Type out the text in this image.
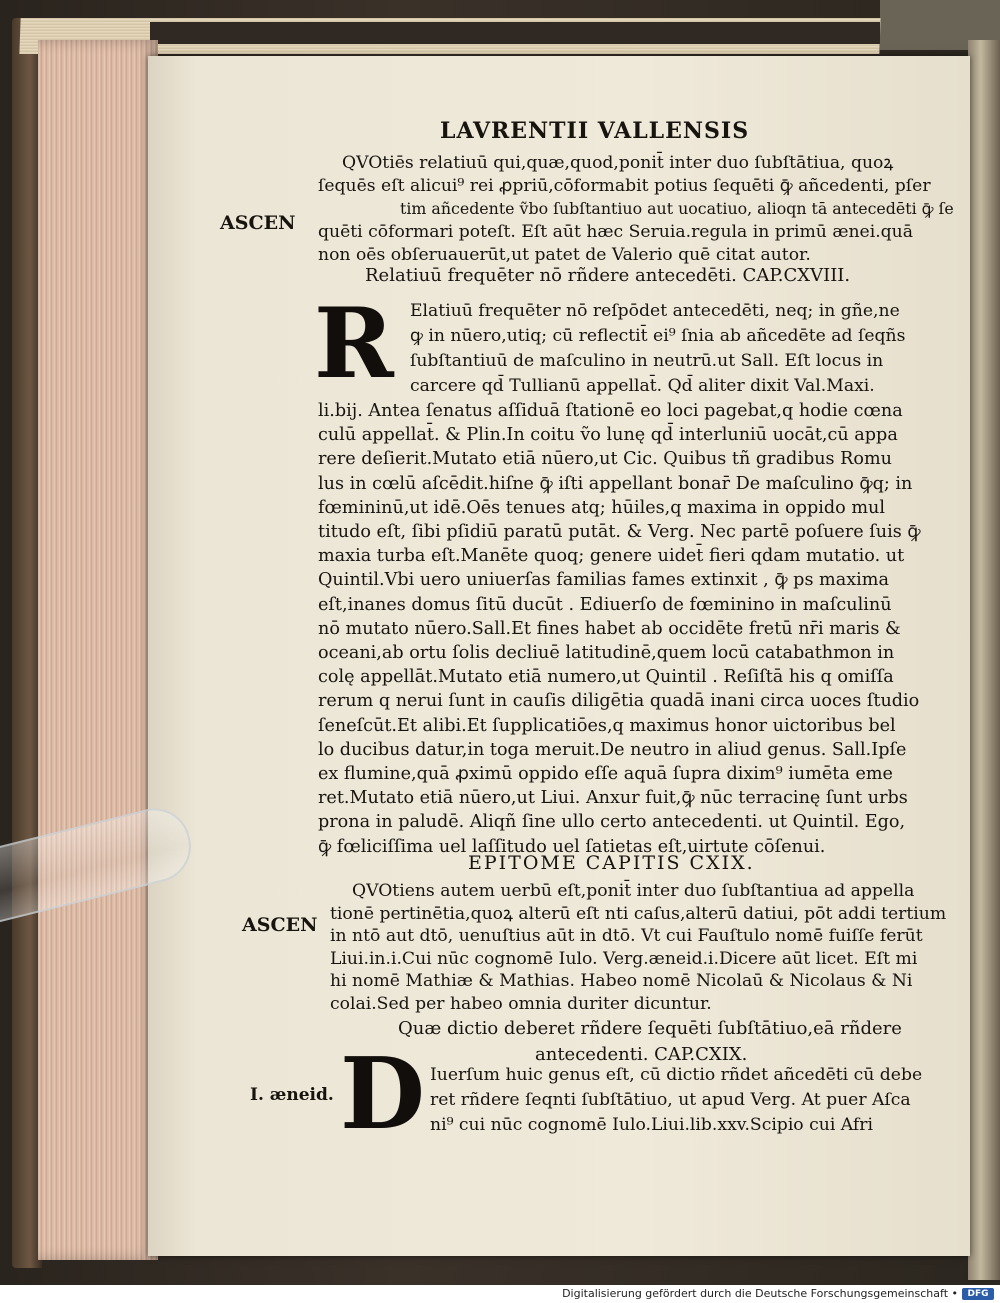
LAVRENTII VALLENSIS
ASCEN
ASCEN
I. æneid.
QVOtiēs relatiuū qui,quæ,quod,ponit̄ inter duo ſubſtātiua, quoꝝ
ſequēs eſt alicui⁹ rei ꝓpriū,cōformabit potius ſequēti ꝙ̄ añcedenti, pſer
tim añcedente ṽbo ſubſtantiuo aut uocatiuo, alioqn tā antecedēti ꝙ̄ ſe
quēti cōformari poteſt. Eſt aūt hæc Seruia.regula in primū ænei.quā
non oēs obſeruauerūt,ut patet de Valerio quē citat autor.
Relatiuū frequēter nō rñdere antecedēti. CAP.CXVIII.
R Elatiuū frequēter nō reſpōdet antecedēti, neq; in gñe,ne
ꝙ in nūero,utiq; cū reflectit̄ ei⁹ ſnia ab añcedēte ad ſeqñs
ſubſtantiuū de maſculino in neutrū.ut Sall. Eſt locus in
carcere qd̄ Tullianū appellat̄. Qd̄ aliter dixit Val.Maxi.
li.bij. Antea ſenatus aſſiduā ſtationē eo loci pagebat,q hodie cœna
culū appellat̄. & Plin.In coitu ṽo lunę qd̄ interluniū uocāt,cū appa
rere deſierit.Mutato etiā nūero,ut Cic. Quibus tñ gradibus Romu
lus in cœlū aſcēdit.hiſne ꝙ̄ iſti appellant bonar̄ De maſculino ꝙ̄q; in
fœmininū,ut idē.Oēs tenues atq; hūiles,q maxima in oppido mul
titudo eſt, ſibi pſidiū paratū putāt. & Verg. Nec partē poſuere ſuis ꝙ̄
maxia turba eſt.Manēte quoq; genere uidet̄ fieri qdam mutatio. ut
Quintil.Vbi uero uniuerſas familias fames extinxit , ꝙ̄ ps maxima
eſt,inanes domus ſitū ducūt . Ediuerſo de fœminino in maſculinū
nō mutato nūero.Sall.Et fines habet ab occidēte fretū nr̄i maris &
oceani,ab ortu ſolis decliuē latitudinē,quem locū catabathmon in
colę appellāt.Mutato etiā numero,ut Quintil . Reſiſtā his q omiſſa
rerum q nerui ſunt in cauſis diligētia quadā inani circa uoces ſtudio
ſeneſcūt.Et alibi.Et ſupplicatiōes,q maximus honor uictoribus bel
lo ducibus datur,in toga meruit.De neutro in aliud genus. Sall.Ipſe
ex flumine,quā ꝓximū oppido eſſe aquā ſupra dixim⁹ iumēta eme
ret.Mutato etiā nūero,ut Liui. Anxur fuit,ꝙ̄ nūc terracinę ſunt urbs
prona in paludē. Aliqñ ſine ullo certo antecedenti. ut Quintil. Ego,
ꝙ̄ fœliciſſima uel laſſitudo uel ſatietas eſt,uirtute cōſenui.
EPITOME CAPITIS CXIX.
QVOtiens autem uerbū eſt,ponit̄ inter duo ſubſtantiua ad appella
tionē pertinētia,quoꝝ alterū eſt nti caſus,alterū datiui, pōt addi tertium
in ntō aut dtō, uenuſtius aūt in dtō. Vt cui Fauſtulo nomē fuiſſe ferūt
Liui.in.i.Cui nūc cognomē Iulo. Verg.æneid.i.Dicere aūt licet. Eſt mi
hi nomē Mathiæ & Mathias. Habeo nomē Nicolaū & Nicolaus & Ni
colai.Sed per habeo omnia duriter dicuntur.
Quæ dictio deberet rñdere ſequēti ſubſtātiuo,eā rñdere
antecedenti. CAP.CXIX.
D Iuerſum huic genus eſt, cū dictio rñdet añcedēti cū debe
ret rñdere ſeqnti ſubſtātiuo, ut apud Verg. At puer Aſca
ni⁹ cui nūc cognomē Iulo.Liui.lib.xxv.Scipio cui Afri
Digitalisierung gefördert durch die Deutsche Forschungsgemeinschaft •	DFG
